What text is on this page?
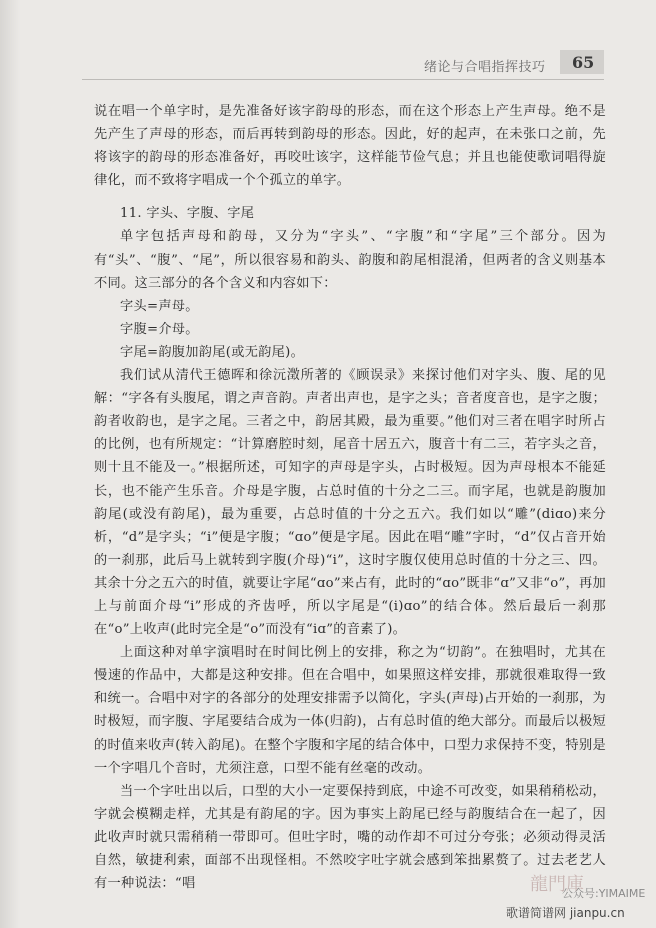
绪论与合唱指挥技巧 65

说在唱一个单字时，是先准备好该字韵母的形态，而在这个形态上产生声母。绝不是先产生了声母的形态，而后再转到韵母的形态。因此，好的起声，在未张口之前，先将该字的韵母的形态准备好，再咬吐该字，这样能节俭气息；并且也能使歌词唱得旋律化，而不致将字唱成一个个孤立的单字。

11. 字头、字腹、字尾

单字包括声母和韵母，又分为“字头”、“字腹”和“字尾”三个部分。因为有“头”、“腹”、“尾”，所以很容易和韵头、韵腹和韵尾相混淆，但两者的含义则基本不同。这三部分的各个含义和内容如下：

字头=声母。

字腹=介母。

字尾=韵腹加韵尾(或无韵尾)。

我们试从清代王德晖和徐沅澂所著的《顾误录》来探讨他们对字头、腹、尾的见解：“字各有头腹尾，谓之声音韵。声者出声也，是字之头；音者度音也，是字之腹；韵者收韵也，是字之尾。三者之中，韵居其殿，最为重要。”他们对三者在唱字时所占的比例，也有所规定：“计算磨腔时刻，尾音十居五六，腹音十有二三，若字头之音，则十且不能及一。”根据所述，可知字的声母是字头，占时极短。因为声母根本不能延长，也不能产生乐音。介母是字腹，占总时值的十分之二三。而字尾，也就是韵腹加韵尾(或没有韵尾)，最为重要，占总时值的十分之五六。我们如以“雕”(diɑo)来分析，“d”是字头；“i”便是字腹；“ɑo”便是字尾。因此在唱“雕”字时，“d”仅占音开始的一刹那，此后马上就转到字腹(介母)“i”，这时字腹仅使用总时值的十分之三、四。其余十分之五六的时值，就要让字尾“ɑo”来占有，此时的“ɑo”既非“ɑ”又非“o”，再加上与前面介母“i”形成的齐齿呼，所以字尾是“(i)ɑo”的结合体。然后最后一刹那在“o”上收声(此时完全是“o”而没有“iɑ”的音素了)。

上面这种对单字演唱时在时间比例上的安排，称之为“切韵”。在独唱时，尤其在慢速的作品中，大都是这种安排。但在合唱中，如果照这样安排，那就很难取得一致和统一。合唱中对字的各部分的处理安排需予以简化，字头(声母)占开始的一刹那，为时极短，而字腹、字尾要结合成为一体(归韵)，占有总时值的绝大部分。而最后以极短的时值来收声(转入韵尾)。在整个字腹和字尾的结合体中，口型力求保持不变，特别是一个字唱几个音时，尤须注意，口型不能有丝毫的改动。

当一个字吐出以后，口型的大小一定要保持到底，中途不可改变，如果稍稍松动，字就会模糊走样，尤其是有韵尾的字。因为事实上韵尾已经与韵腹结合在一起了，因此收声时就只需稍稍一带即可。但吐字时，嘴的动作却不可过分夸张；必须动得灵活自然，敏捷利索，面部不出现怪相。不然咬字吐字就会感到笨拙累赘了。过去老艺人有一种说法：“唱	龍門庫
公众号:YIMAIME
歌谱简谱网 jianpu.cn
